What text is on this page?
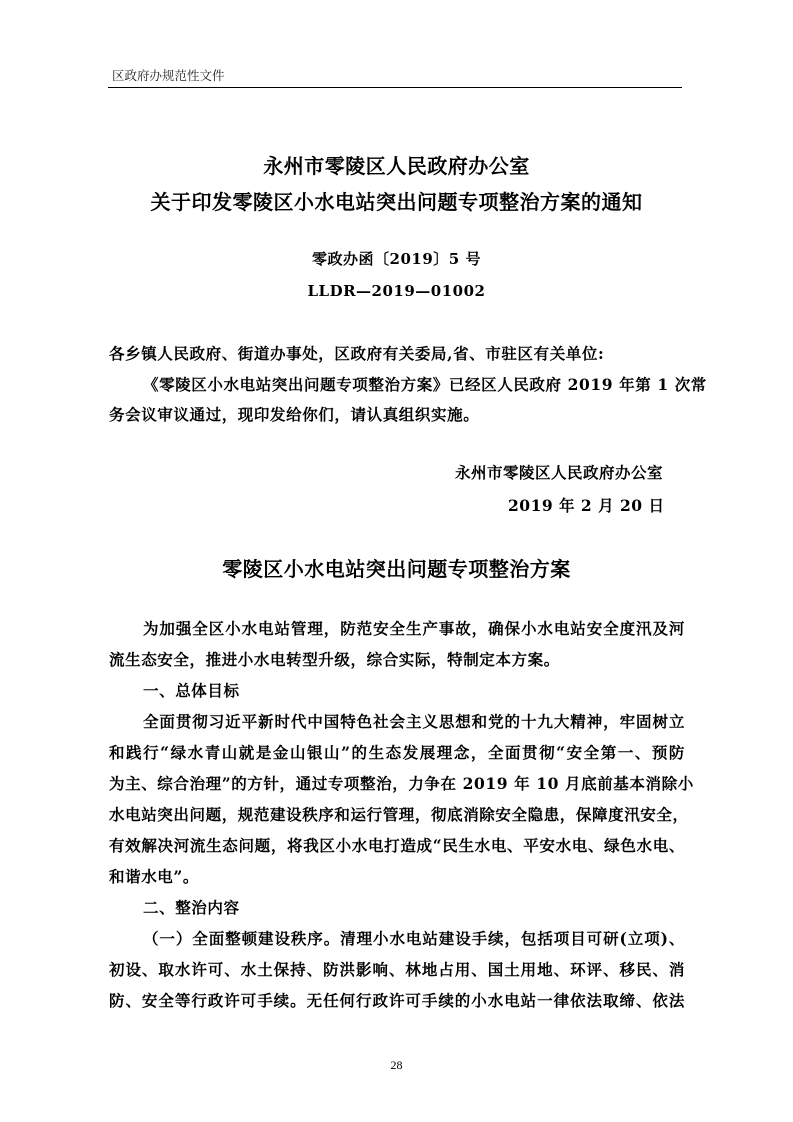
区政府办规范性文件
永州市零陵区人民政府办公室
关于印发零陵区小水电站突出问题专项整治方案的通知
零政办函〔2019〕5 号
LLDR—2019—01002
各乡镇人民政府、街道办事处，区政府有关委局,省、市驻区有关单位:
《零陵区小水电站突出问题专项整治方案》已经区人民政府 2019 年第 1 次常
务会议审议通过，现印发给你们，请认真组织实施。
永州市零陵区人民政府办公室
2019 年 2 月 20 日
零陵区小水电站突出问题专项整治方案
为加强全区小水电站管理，防范安全生产事故，确保小水电站安全度汛及河
流生态安全，推进小水电转型升级，综合实际，特制定本方案。
一、总体目标
全面贯彻习近平新时代中国特色社会主义思想和党的十九大精神，牢固树立
和践行“绿水青山就是金山银山”的生态发展理念，全面贯彻“安全第一、预防
为主、综合治理”的方针，通过专项整治，力争在 2019 年 10 月底前基本消除小
水电站突出问题，规范建设秩序和运行管理，彻底消除安全隐患，保障度汛安全，
有效解决河流生态问题，将我区小水电打造成“民生水电、平安水电、绿色水电、
和谐水电”。
二、整治内容
（一）全面整顿建设秩序。清理小水电站建设手续，包括项目可研(立项)、
初设、取水许可、水土保持、防洪影响、林地占用、国土用地、环评、移民、消
防、安全等行政许可手续。无任何行政许可手续的小水电站一律依法取缔、依法
28
